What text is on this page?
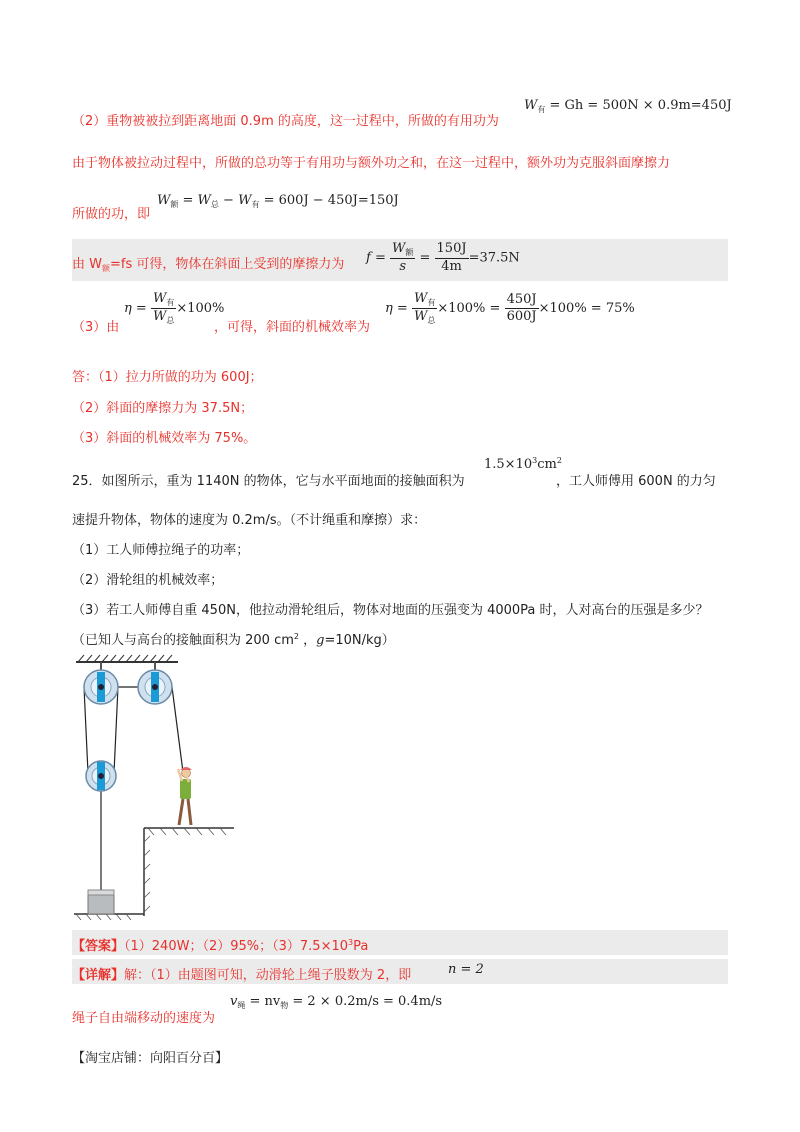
（2）重物被被拉到距离地面 0.9m 的高度，这一过程中，所做的有用功为
$W_有 = Gh = 500N \times 0.9m=450J$
由于物体被拉动过程中，所做的总功等于有用功与额外功之和，在这一过程中，额外功为克服斜面摩擦力
所做的功，即
$W_额 = W_总 - W_有 = 600J - 450J=150J$
由 $W_额=fs$ 可得，物体在斜面上受到的摩擦力为 $f = \frac{W_额}{s} = \frac{150J}{4m} =37.5N$
（3）由
$\eta = \frac{W_有}{W_总} \times 100\%$
，可得，斜面的机械效率为
$\eta = \frac{W_有}{W_总} \times 100\% = \frac{450J}{600J} \times 100\% = 75\%$
答：（1）拉力所做的功为 600J；
（2）斜面的摩擦力为 37.5N；
（3）斜面的机械效率为 75%。
25．如图所示，重为 1140N 的物体，它与水平面地面的接触面积为
$1.5\times 10^3cm^2$
，工人师傅用 600N 的力匀
速提升物体，物体的速度为 0.2m/s。（不计绳重和摩擦）求：
（1）工人师傅拉绳子的功率；
（2）滑轮组的机械效率；
（3）若工人师傅自重 450N，他拉动滑轮组后，物体对地面的压强变为 4000Pa 时，人对高台的压强是多少？
（已知人与高台的接触面积为 200 $cm^2$ ，g=10N/kg）
【答案】（1）240W；（2）95%；$(3)7.5\times 10^3Pa$
【详解】解：（1）由题图可知，动滑轮上绳子股数为 2，即	n = 2
绳子自由端移动的速度为
$v_绳 = nv_物 = 2 \times 0.2m/s = 0.4m/s$
【淘宝店铺：向阳百分百】
